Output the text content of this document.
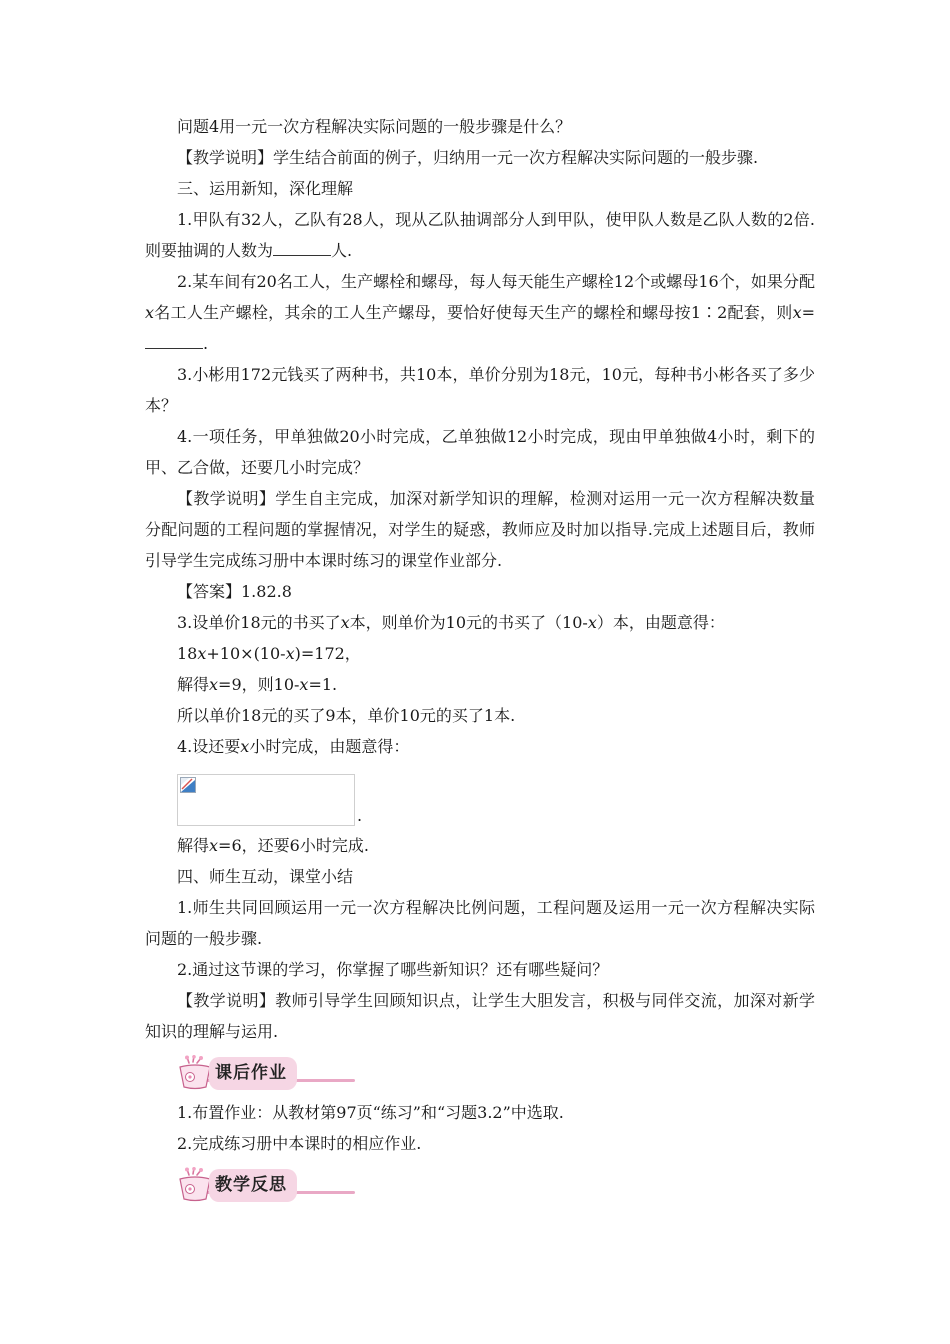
问题4用一元一次方程解决实际问题的一般步骤是什么？

【教学说明】学生结合前面的例子，归纳用一元一次方程解决实际问题的一般步骤.

三、运用新知，深化理解

1.甲队有32人，乙队有28人，现从乙队抽调部分人到甲队，使甲队人数是乙队人数的2倍.则要抽调的人数为	人.

2.某车间有20名工人，生产螺栓和螺母，每人每天能生产螺栓12个或螺母16个，如果分配x名工人生产螺栓，其余的工人生产螺母，要恰好使每天生产的螺栓和螺母按1∶2配套，则x=.

3.小彬用172元钱买了两种书，共10本，单价分别为18元，10元，每种书小彬各买了多少本？

4.一项任务，甲单独做20小时完成，乙单独做12小时完成，现由甲单独做4小时，剩下的甲、乙合做，还要几小时完成？

【教学说明】学生自主完成，加深对新学知识的理解，检测对运用一元一次方程解决数量分配问题的工程问题的掌握情况，对学生的疑惑，教师应及时加以指导.完成上述题目后，教师引导学生完成练习册中本课时练习的课堂作业部分.

【答案】1.82.8

3.设单价18元的书买了x本，则单价为10元的书买了（10-x）本，由题意得：

18x+10×(10-x)=172，

解得x=9，则10-x=1.

所以单价18元的买了9本，单价10元的买了1本.

4.设还要x小时完成，由题意得：

.

解得x=6，还要6小时完成.

四、师生互动，课堂小结

1.师生共同回顾运用一元一次方程解决比例问题，工程问题及运用一元一次方程解决实际问题的一般步骤.

2.通过这节课的学习，你掌握了哪些新知识？还有哪些疑问？

【教学说明】教师引导学生回顾知识点，让学生大胆发言，积极与同伴交流，加深对新学知识的理解与运用.

课后作业

1.布置作业：从教材第97页“练习”和“习题3.2”中选取.

2.完成练习册中本课时的相应作业.

教学反思
